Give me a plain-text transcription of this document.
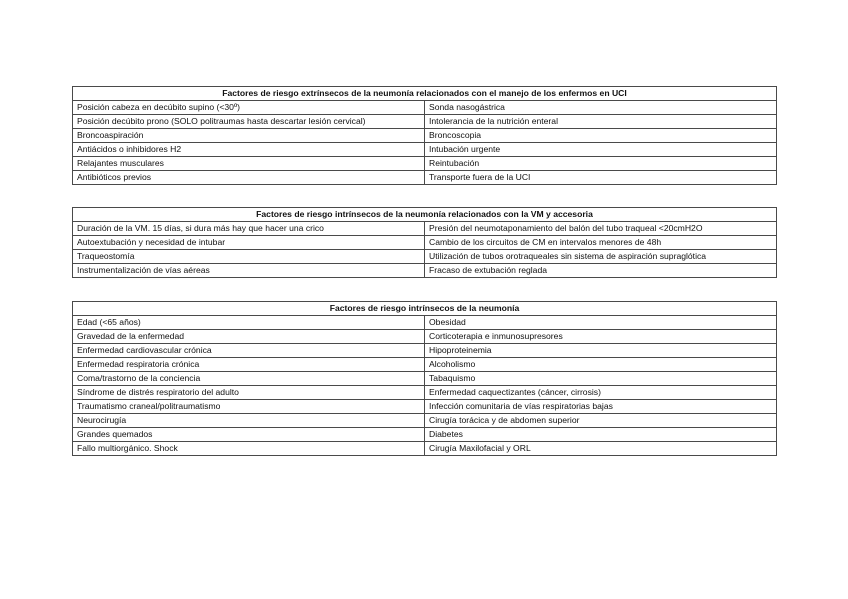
Factores de riesgo extrínsecos de la neumonía relacionados con el manejo de los enfermos en UCI	
Posición cabeza en decúbito supino (<30º)	Sonda nasogástrica
Posición decúbito prono (SOLO politraumas hasta descartar lesión cervical)	Intolerancia de la nutrición enteral
Broncoaspiración	Broncoscopia
Antiácidos o inhibidores H2	Intubación urgente
Relajantes musculares	Reintubación
Antibióticos previos	Transporte fuera de la UCI
Factores de riesgo intrínsecos de la neumonía relacionados con la VM y accesoria	
Duración de la VM. 15 días, si dura más hay que hacer una crico	Presión del neumotaponamiento del balón del tubo traqueal <20cmH2O
Autoextubación y necesidad de intubar	Cambio de los circuitos de CM en intervalos menores de 48h
Traqueostomía	Utilización de tubos orotraqueales sin sistema de aspiración supraglótica
Instrumentalización de vías aéreas	Fracaso de extubación reglada
Factores de riesgo intrínsecos de la neumonía	
Edad (<65 años)	Obesidad
Gravedad de la enfermedad	Corticoterapia e inmunosupresores
Enfermedad cardiovascular crónica	Hipoproteinemia
Enfermedad respiratoria crónica	Alcoholismo
Coma/trastorno de la conciencia	Tabaquismo
Síndrome de distrés respiratorio del adulto	Enfermedad caquectizantes (cáncer, cirrosis)
Traumatismo craneal/politraumatismo	Infección comunitaria de vías respiratorias bajas
Neurocirugía	Cirugía torácica y de abdomen superior
Grandes quemados	Diabetes
Fallo multiorgánico. Shock	Cirugía Maxilofacial y ORL
